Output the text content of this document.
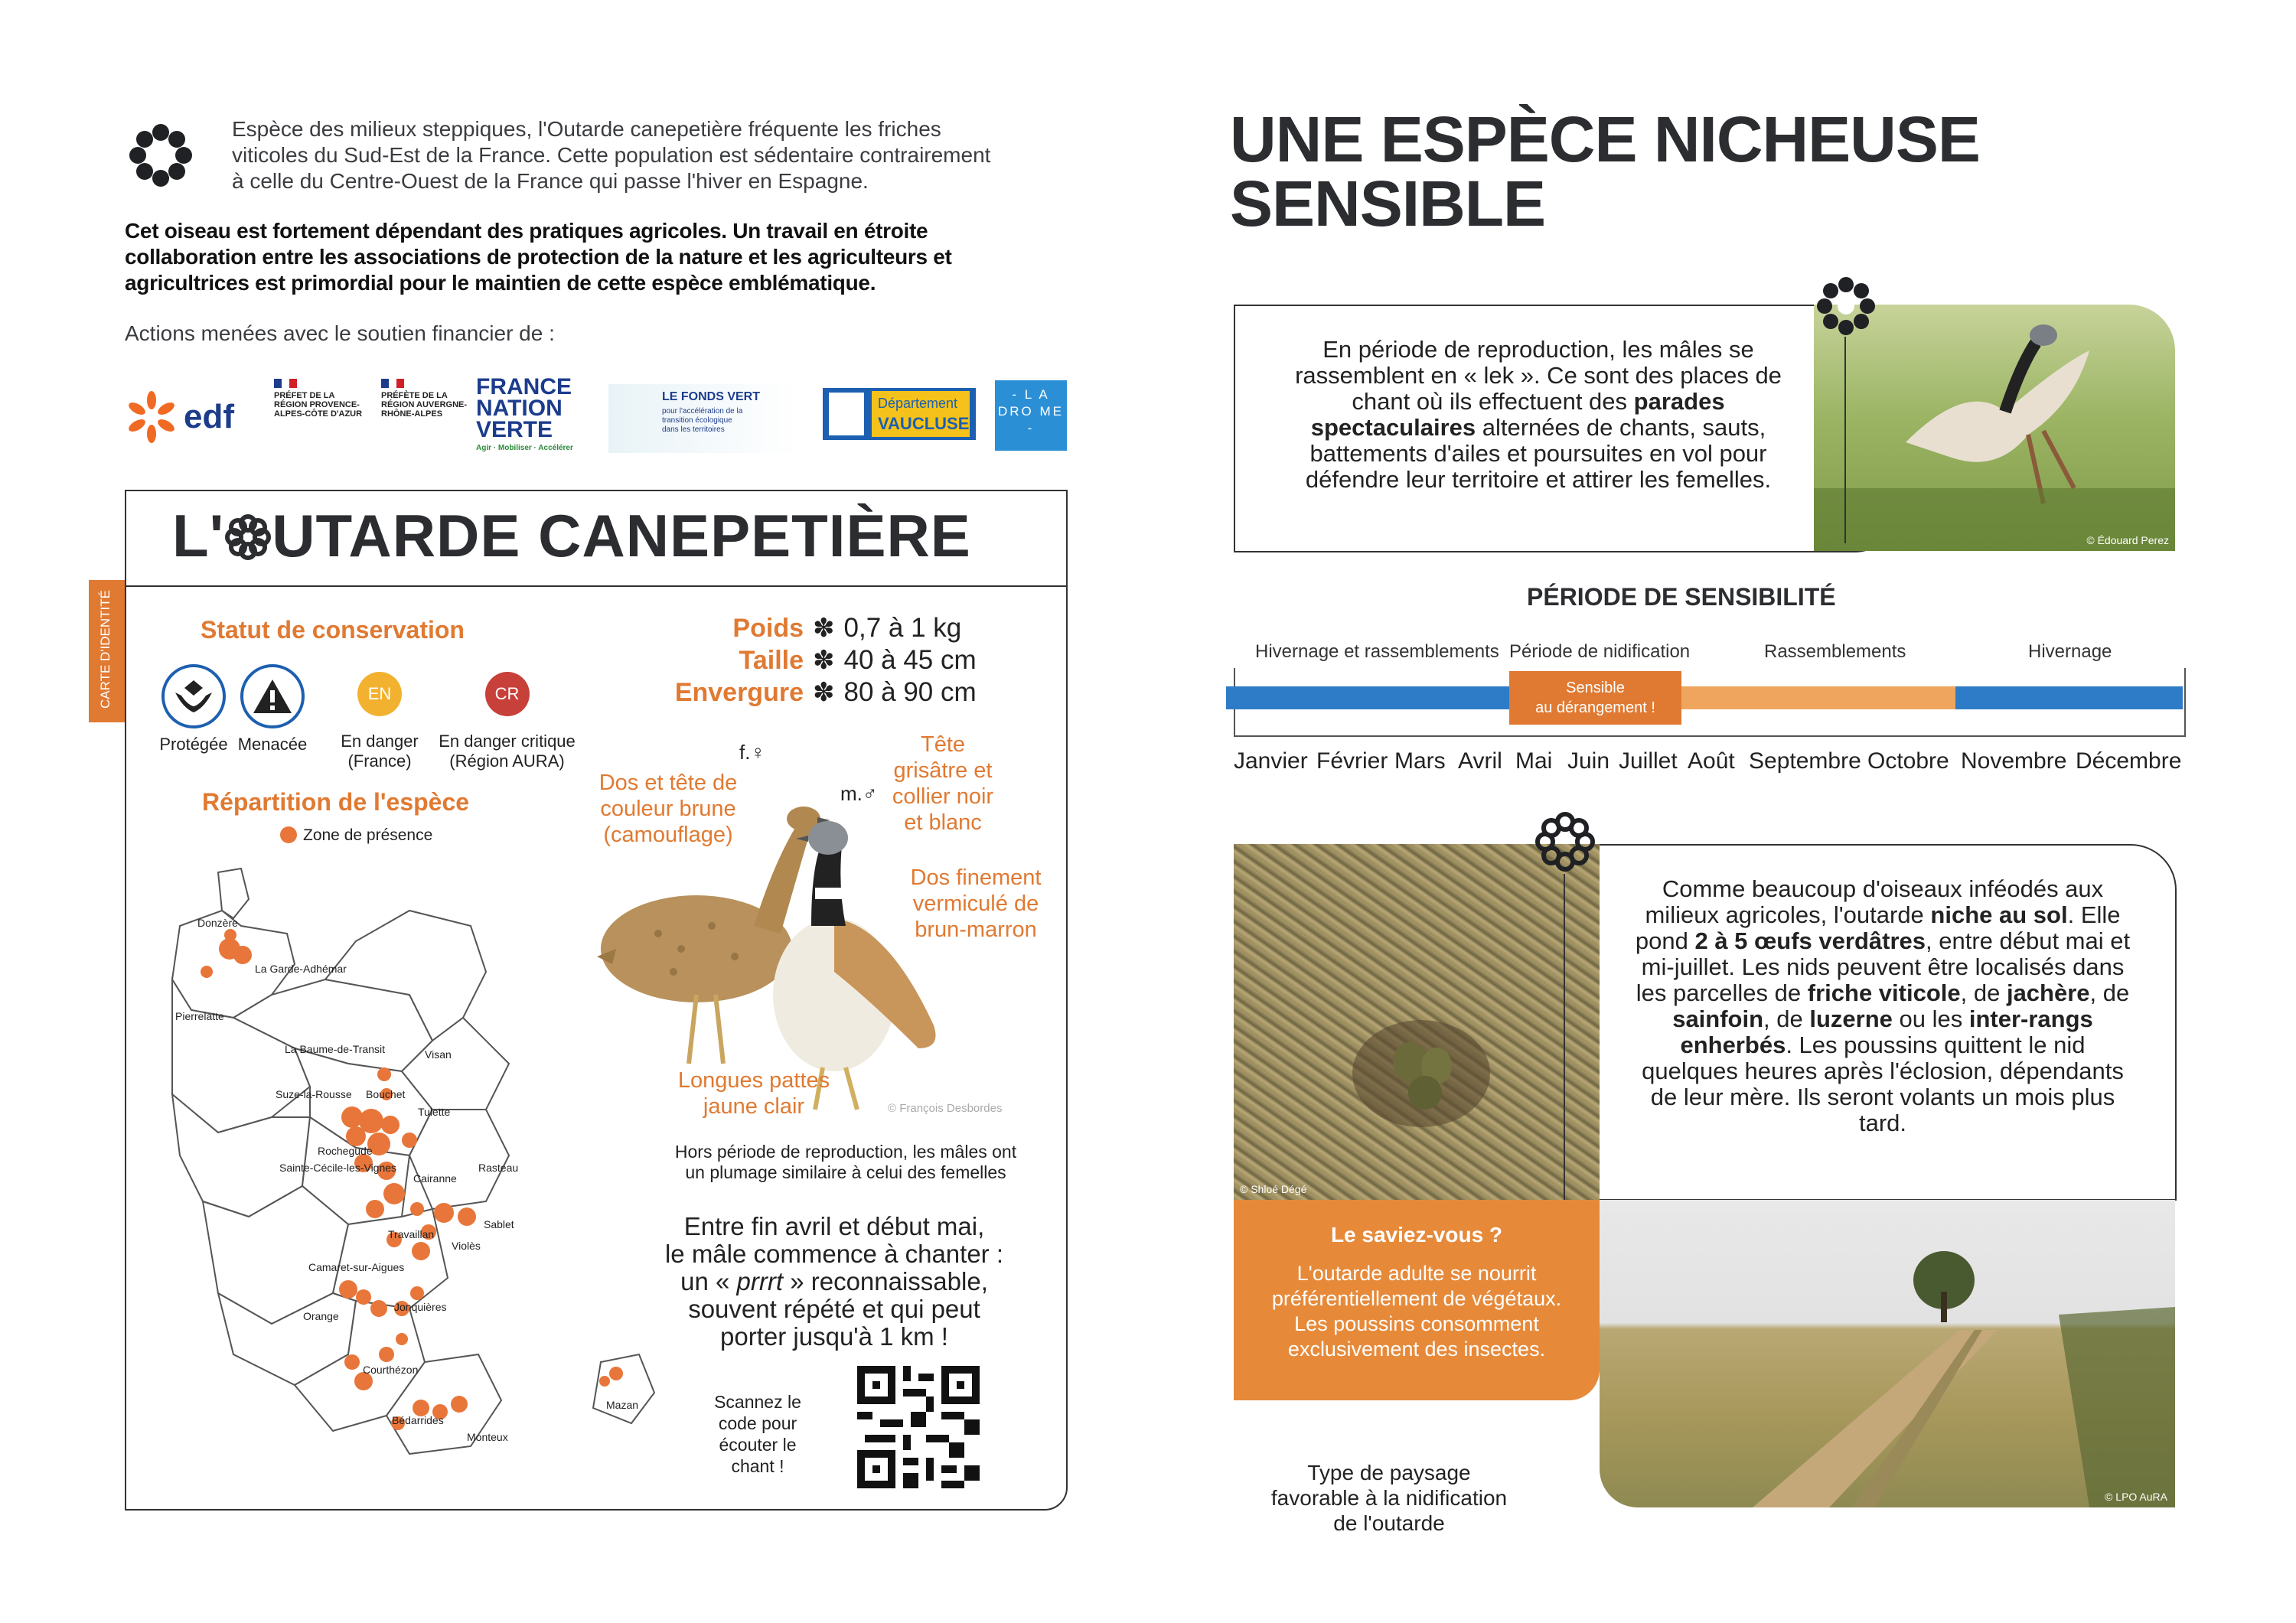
Espèce des milieux steppiques, l'Outarde canepetière fréquente les friches viticoles du Sud-Est de la France. Cette population est sédentaire contrairement à celle du Centre-Ouest de la France qui passe l'hiver en Espagne.
Cet oiseau est fortement dépendant des pratiques agricoles. Un travail en étroite collaboration entre les associations de protection de la nature et les agriculteurs et agricultrices est primordial pour le maintien de cette espèce emblématique.
Actions menées avec le soutien financier de :
edf
PRÉFET DE LA RÉGION PROVENCE-ALPES-CÔTE D'AZUR
PRÉFÈTE DE LA RÉGION AUVERGNE-RHÔNE-ALPES
FRANCE
NATION
VERTE
Agir · Mobiliser · Accélérer
LE FONDS VERT
pour l'accélération de la transition écologique dans les territoires
Département
VAUCLUSE
- L A DRO ME -
CARTE D'IDENTITÉ
L' UTARDE CANEPETIÈRE
Statut de conservation
Protégée Menacée
EN
En danger
(France)
CR
En danger critique
(Région AURA)
Poids ✽ 0,7 à 1 kg
Taille ✽ 40 à 45 cm
Envergure ✽ 80 à 90 cm
Répartition de l'espèce
Zone de présence
Donzère
La Garde-Adhémar
Pierrelatte
La Baume-de-Transit	Visan
Suze-la-Rousse Bouchet
Tulette
Rochegude
Sainte-Cécile-les-Vignes
Cairanne
Rasteau
Sablet
Travaillan
Violès
Camaret-sur-Aigues
Jonquières
Orange
Courthézon
Bédarrides
Monteux
Mazan
f.♀
m.♂
Dos et tête de couleur brune (camouflage)
Tête grisâtre et collier noir et blanc
Dos finement vermiculé de brun-marron
Longues pattes jaune clair	© François Desbordes
Hors période de reproduction, les mâles ont un plumage similaire à celui des femelles
Entre fin avril et début mai,
le mâle commence à chanter :
un « prrrt » reconnaissable,
souvent répété et qui peut
porter jusqu'à 1 km !
Scannez le code pour écouter le chant !
UNE ESPÈCE NICHEUSE
SENSIBLE
En période de reproduction, les mâles se rassemblent en « lek ». Ce sont des places de chant où ils effectuent des parades spectaculaires alternées de chants, sauts, battements d'ailes et poursuites en vol pour défendre leur territoire et attirer les femelles.
© Édouard Perez
PÉRIODE DE SENSIBILITÉ
Hivernage et rassemblements Période de nidification	Rassemblements	Hivernage
Sensible
au dérangement !
Janvier Février Mars Avril Mai Juin Juillet Août Septembre Octobre Novembre Décembre
© Shloé Dégé
Comme beaucoup d'oiseaux inféodés aux milieux agricoles, l'outarde niche au sol. Elle pond 2 à 5 œufs verdâtres, entre début mai et mi-juillet. Les nids peuvent être localisés dans les parcelles de friche viticole, de jachère, de sainfoin, de luzerne ou les inter-rangs enherbés. Les poussins quittent le nid quelques heures après l'éclosion, dépendants de leur mère. Ils seront volants un mois plus tard.
Le saviez-vous ?
L'outarde adulte se nourrit préférentiellement de végétaux. Les poussins consomment exclusivement des insectes.
© LPO AuRA
Type de paysage favorable à la nidification de l'outarde
